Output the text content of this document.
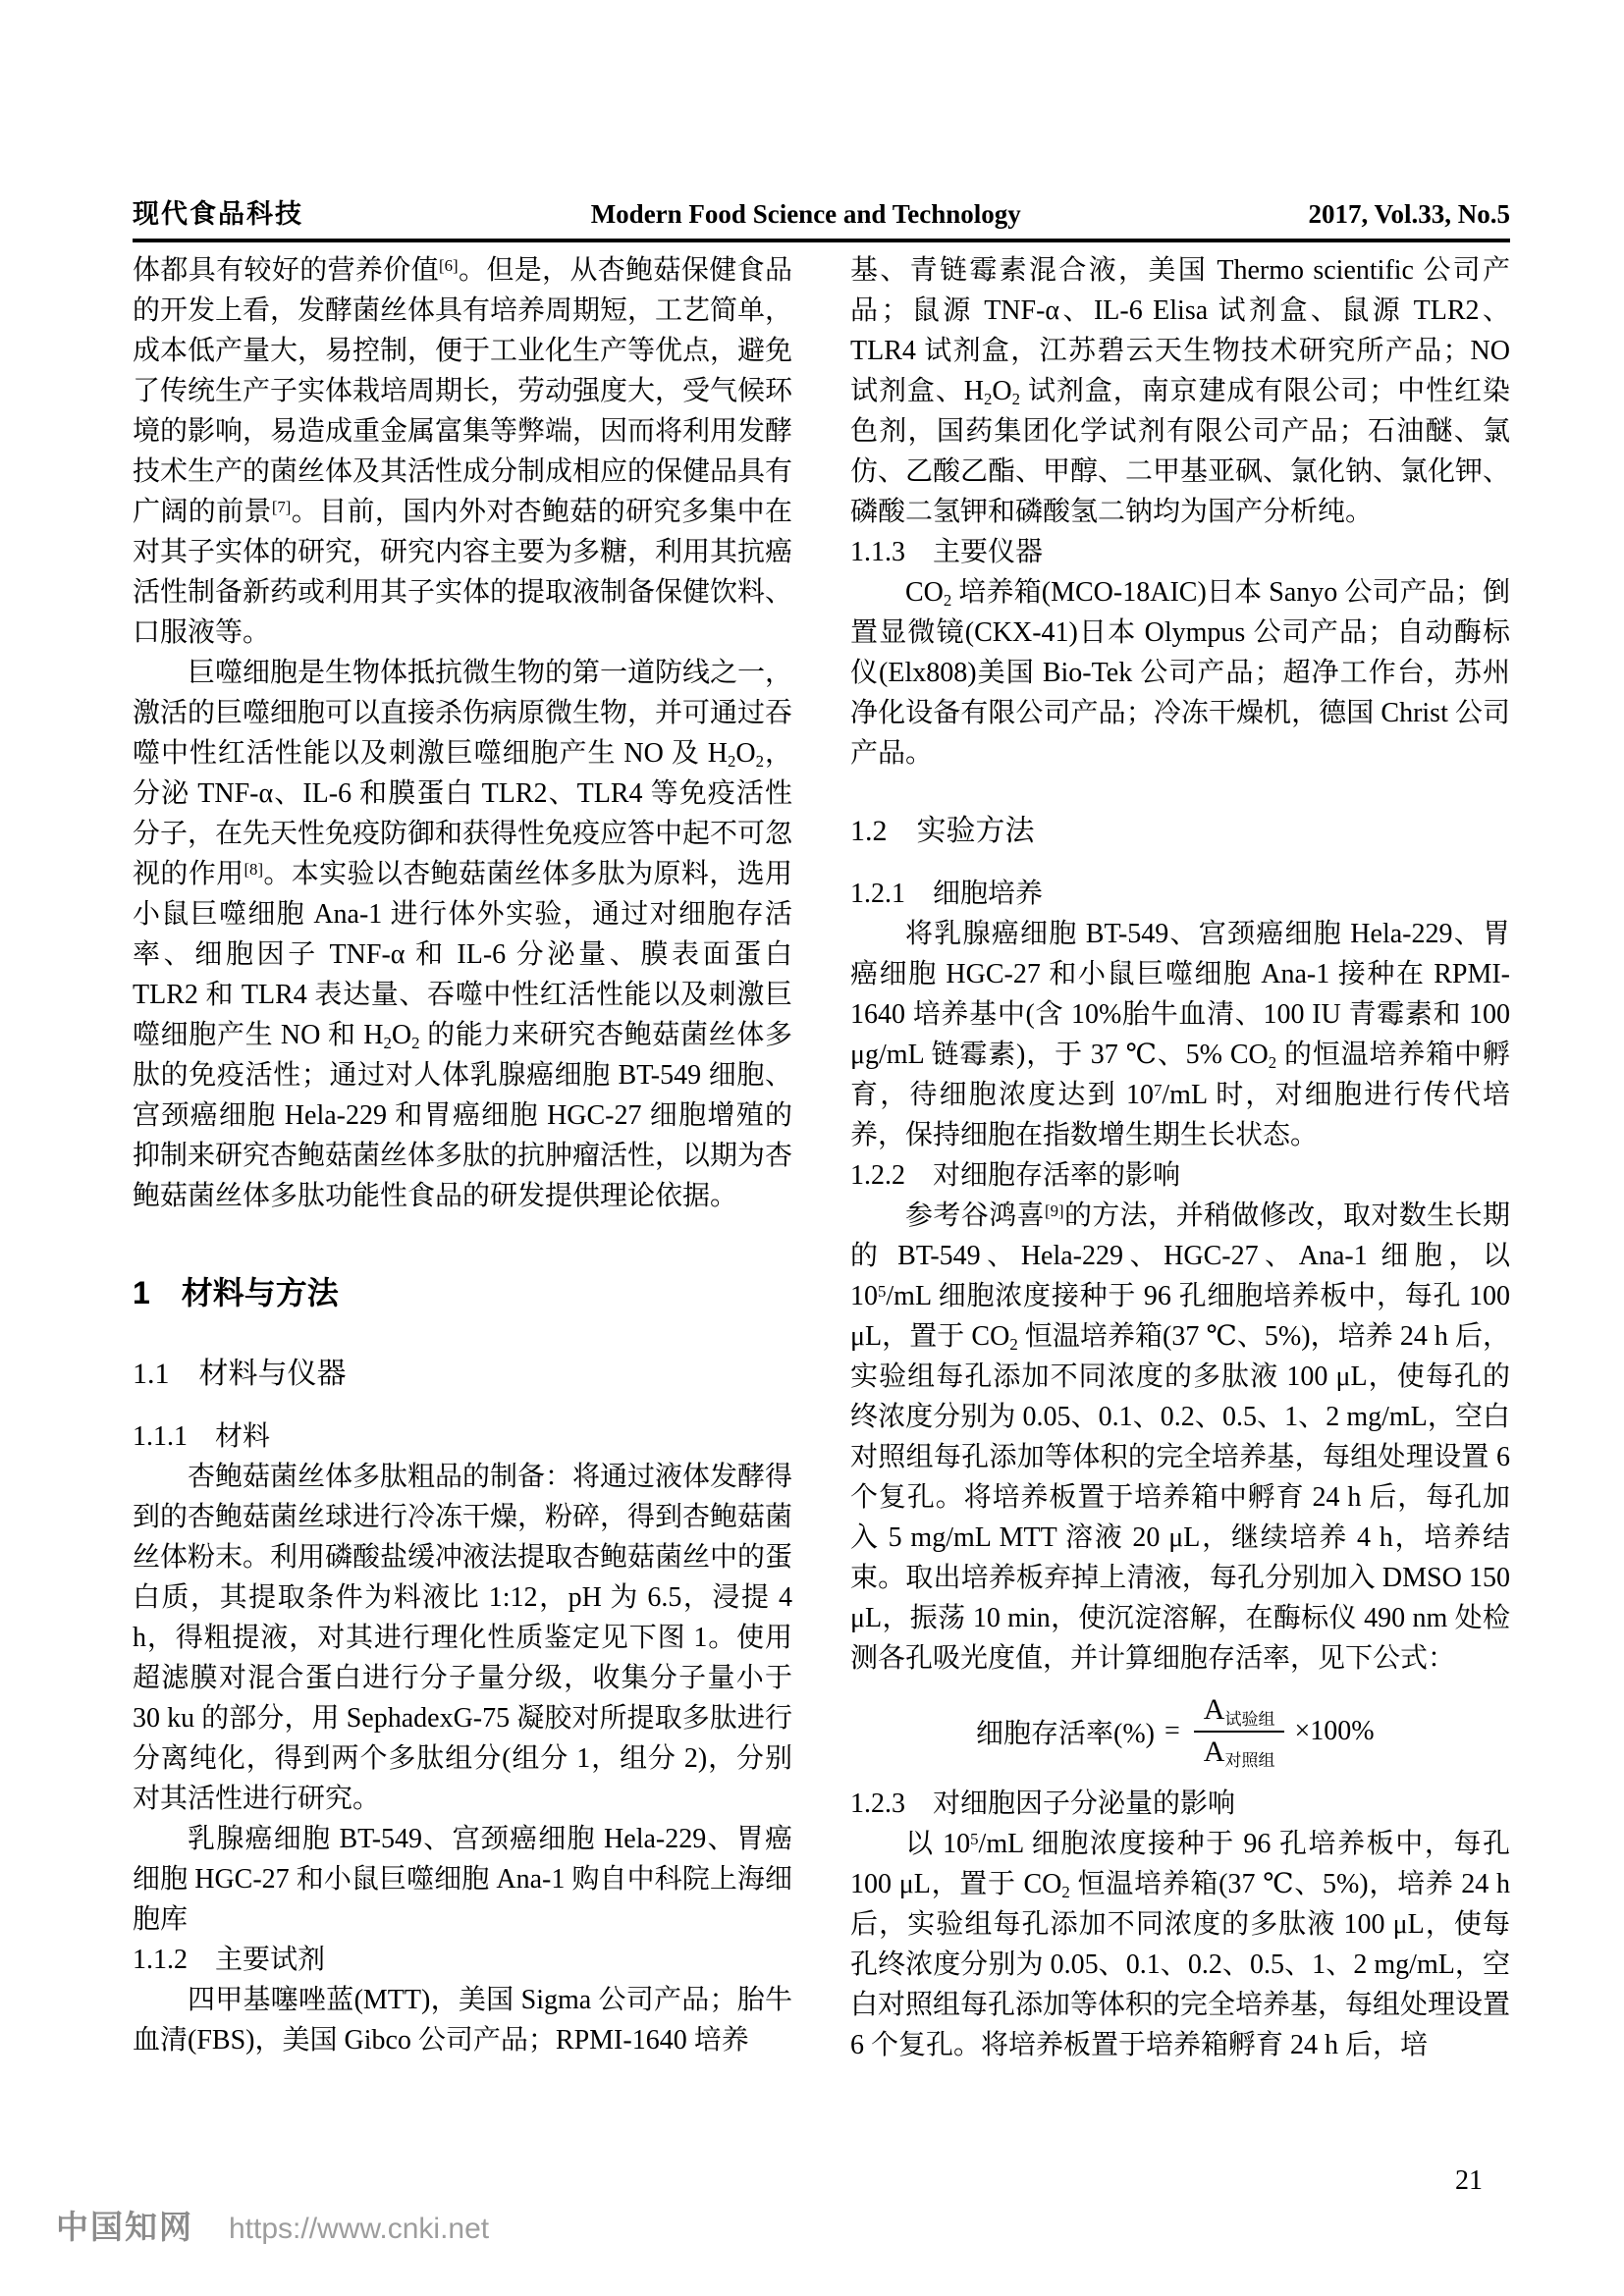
现代食品科技	Modern Food Science and Technology	2017, Vol.33, No.5

体都具有较好的营养价值[6]。但是，从杏鲍菇保健食品的开发上看，发酵菌丝体具有培养周期短，工艺简单，成本低产量大，易控制，便于工业化生产等优点，避免了传统生产子实体栽培周期长，劳动强度大，受气候环境的影响，易造成重金属富集等弊端，因而将利用发酵技术生产的菌丝体及其活性成分制成相应的保健品具有广阔的前景[7]。目前，国内外对杏鲍菇的研究多集中在对其子实体的研究，研究内容主要为多糖，利用其抗癌活性制备新药或利用其子实体的提取液制备保健饮料、口服液等。

巨噬细胞是生物体抵抗微生物的第一道防线之一，激活的巨噬细胞可以直接杀伤病原微生物，并可通过吞噬中性红活性能以及刺激巨噬细胞产生 NO 及 $H_2O_2$，分泌 TNF-α、IL-6 和膜蛋白 TLR2、TLR4 等免疫活性分子，在先天性免疫防御和获得性免疫应答中起不可忽视的作用[8]。本实验以杏鲍菇菌丝体多肽为原料，选用小鼠巨噬细胞 Ana-1 进行体外实验，通过对细胞存活率、细胞因子 TNF-α 和 IL-6 分泌量、膜表面蛋白 TLR2 和 TLR4 表达量、吞噬中性红活性能以及刺激巨噬细胞产生 NO 和 $H_2O_2$ 的能力来研究杏鲍菇菌丝体多肽的免疫活性；通过对人体乳腺癌细胞 BT-549 细胞、宫颈癌细胞 Hela-229 和胃癌细胞 HGC-27 细胞增殖的抑制来研究杏鲍菇菌丝体多肽的抗肿瘤活性，以期为杏鲍菇菌丝体多肽功能性食品的研发提供理论依据。

1　材料与方法
1.1　材料与仪器
1.1.1　材料

杏鲍菇菌丝体多肽粗品的制备：将通过液体发酵得到的杏鲍菇菌丝球进行冷冻干燥，粉碎，得到杏鲍菇菌丝体粉末。利用磷酸盐缓冲液法提取杏鲍菇菌丝中的蛋白质，其提取条件为料液比 1:12，pH 为 6.5，浸提 4 h，得粗提液，对其进行理化性质鉴定见下图 1。使用超滤膜对混合蛋白进行分子量分级，收集分子量小于 30 ku 的部分，用 SephadexG-75 凝胶对所提取多肽进行分离纯化，得到两个多肽组分(组分 1，组分 2)，分别对其活性进行研究。

乳腺癌细胞 BT-549、宫颈癌细胞 Hela-229、胃癌细胞 HGC-27 和小鼠巨噬细胞 Ana-1 购自中科院上海细胞库

1.1.2　主要试剂

四甲基噻唑蓝(MTT)，美国 Sigma 公司产品；胎牛血清(FBS)，美国 Gibco 公司产品；RPMI-1640 培养

基、青链霉素混合液，美国 Thermo scientific 公司产品；鼠源 TNF-α、IL-6 Elisa 试剂盒、鼠源 TLR2、TLR4 试剂盒，江苏碧云天生物技术研究所产品；NO 试剂盒、$H_2O_2$ 试剂盒，南京建成有限公司；中性红染色剂，国药集团化学试剂有限公司产品；石油醚、氯仿、乙酸乙酯、甲醇、二甲基亚砜、氯化钠、氯化钾、磷酸二氢钾和磷酸氢二钠均为国产分析纯。

1.1.3　主要仪器

$CO_2$ 培养箱(MCO-18AIC)日本 Sanyo 公司产品；倒置显微镜(CKX-41)日本 Olympus 公司产品；自动酶标仪(Elx808)美国 Bio-Tek 公司产品；超净工作台，苏州净化设备有限公司产品；冷冻干燥机，德国 Christ 公司产品。

1.2　实验方法
1.2.1　细胞培养

将乳腺癌细胞 BT-549、宫颈癌细胞 Hela-229、胃癌细胞 HGC-27 和小鼠巨噬细胞 Ana-1 接种在 RPMI-1640 培养基中(含 10%胎牛血清、100 IU 青霉素和 100 μg/mL 链霉素)，于 37 ℃、5% $CO_2$ 的恒温培养箱中孵育，待细胞浓度达到 $10^7/mL$ 时，对细胞进行传代培养，保持细胞在指数增生期生长状态。

1.2.2　对细胞存活率的影响

参考谷鸿喜[9]的方法，并稍做修改，取对数生长期的 BT-549、Hela-229、HGC-27、Ana-1 细胞，以 $10^5/mL$ 细胞浓度接种于 96 孔细胞培养板中，每孔 100 μL，置于 $CO_2$ 恒温培养箱(37 ℃、5%)，培养 24 h 后，实验组每孔添加不同浓度的多肽液 100 μL，使每孔的终浓度分别为 0.05、0.1、0.2、0.5、1、2 mg/mL，空白对照组每孔添加等体积的完全培养基，每组处理设置 6 个复孔。将培养板置于培养箱中孵育 24 h 后，每孔加入 5 mg/mL MTT 溶液 20 μL，继续培养 4 h，培养结束。取出培养板弃掉上清液，每孔分别加入 DMSO 150 μL，振荡 10 min，使沉淀溶解，在酶标仪 490 nm 处检测各孔吸光度值，并计算细胞存活率，见下公式：

细胞存活率(%) = $\frac{\text{A试验组}}{\text{A对照组}} \times 100\%$
1.2.3　对细胞因子分泌量的影响

以 $10^5/mL$ 细胞浓度接种于 96 孔培养板中，每孔 100 μL，置于 $CO_2$ 恒温培养箱(37 ℃、5%)，培养 24 h 后，实验组每孔添加不同浓度的多肽液 100 μL，使每孔终浓度分别为 0.05、0.1、0.2、0.5、1、2 mg/mL，空白对照组每孔添加等体积的完全培养基，每组处理设置 6 个复孔。将培养板置于培养箱孵育 24 h 后，培

21
中国知网 https://www.cnki.net
